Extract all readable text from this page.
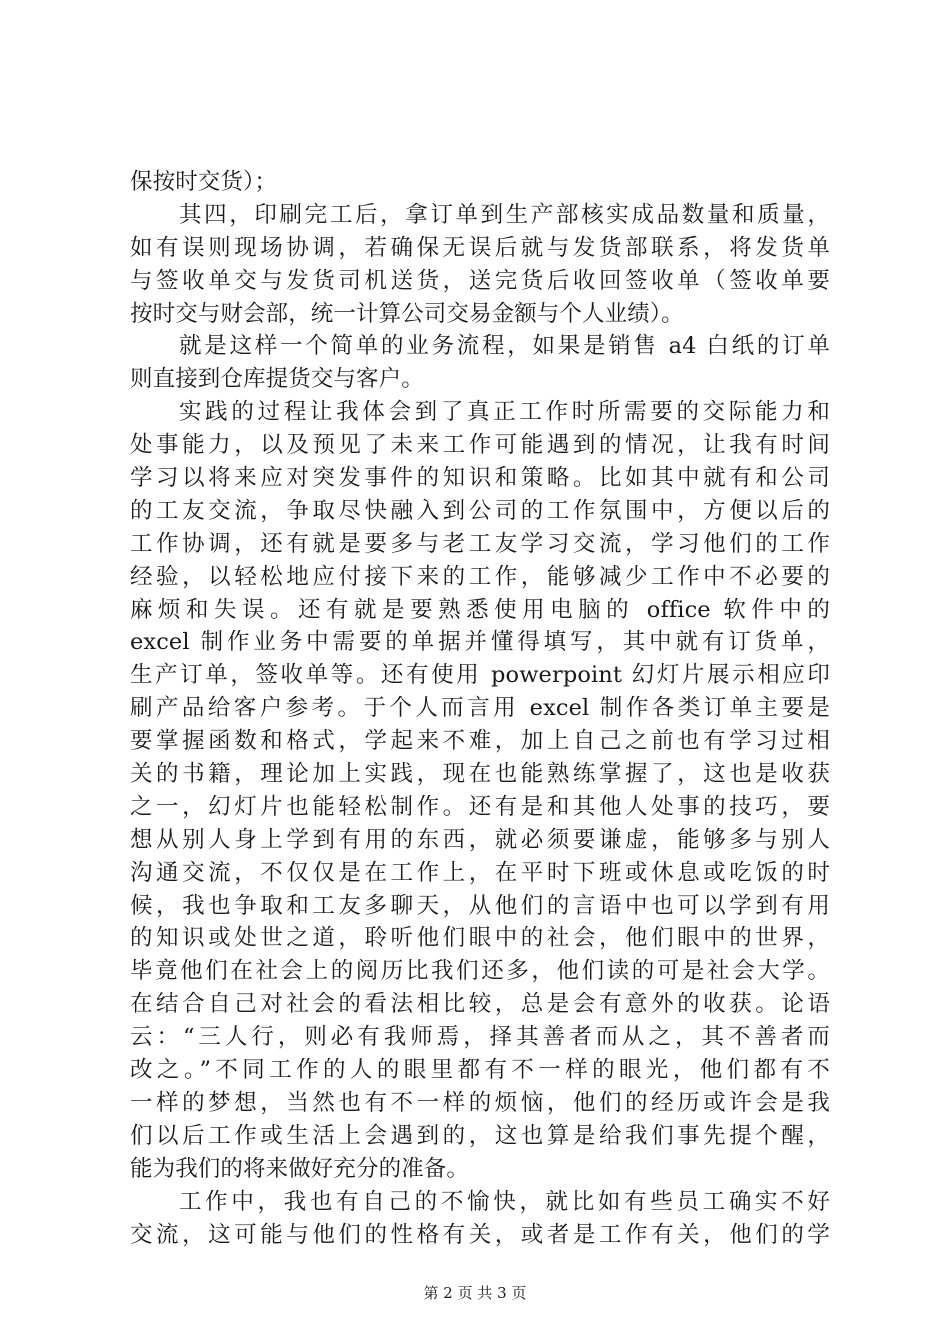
保按时交货）；
其四，印刷完工后，拿订单到生产部核实成品数量和质量，
如有误则现场协调，若确保无误后就与发货部联系，将发货单
与签收单交与发货司机送货，送完货后收回签收单（签收单要
按时交与财会部，统一计算公司交易金额与个人业绩）。
就是这样一个简单的业务流程，如果是销售 a4 白纸的订单
则直接到仓库提货交与客户。
实践的过程让我体会到了真正工作时所需要的交际能力和
处事能力，以及预见了未来工作可能遇到的情况，让我有时间
学习以将来应对突发事件的知识和策略。比如其中就有和公司
的工友交流，争取尽快融入到公司的工作氛围中，方便以后的
工作协调，还有就是要多与老工友学习交流，学习他们的工作
经验，以轻松地应付接下来的工作，能够减少工作中不必要的
麻烦和失误。还有就是要熟悉使用电脑的 office 软件中的
excel 制作业务中需要的单据并懂得填写，其中就有订货单，
生产订单，签收单等。还有使用 powerpoint 幻灯片展示相应印
刷产品给客户参考。于个人而言用 excel 制作各类订单主要是
要掌握函数和格式，学起来不难，加上自己之前也有学习过相
关的书籍，理论加上实践，现在也能熟练掌握了，这也是收获
之一，幻灯片也能轻松制作。还有是和其他人处事的技巧，要
想从别人身上学到有用的东西，就必须要谦虚，能够多与别人
沟通交流，不仅仅是在工作上，在平时下班或休息或吃饭的时
候，我也争取和工友多聊天，从他们的言语中也可以学到有用
的知识或处世之道，聆听他们眼中的社会，他们眼中的世界，
毕竟他们在社会上的阅历比我们还多，他们读的可是社会大学。
在结合自己对社会的看法相比较，总是会有意外的收获。论语
云：“三人行，则必有我师焉，择其善者而从之，其不善者而
改之。”不同工作的人的眼里都有不一样的眼光，他们都有不
一样的梦想，当然也有不一样的烦恼，他们的经历或许会是我
们以后工作或生活上会遇到的，这也算是给我们事先提个醒，
能为我们的将来做好充分的准备。
工作中，我也有自己的不愉快，就比如有些员工确实不好
交流，这可能与他们的性格有关，或者是工作有关，他们的学
第 2 页 共 3 页
